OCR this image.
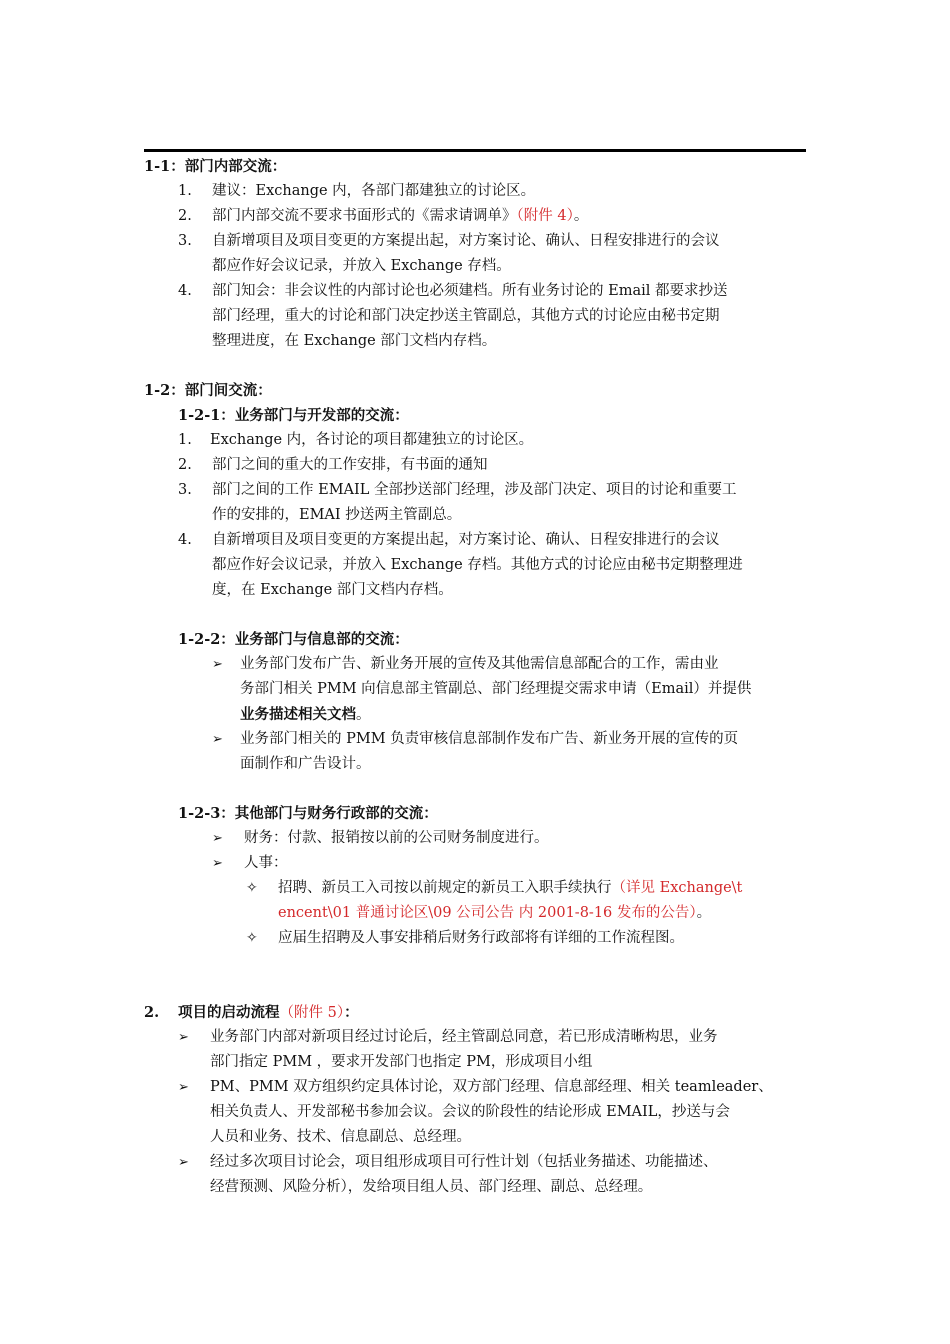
1-1：部门内部交流：
1. 建议：Exchange 内，各部门都建独立的讨论区。
2. 部门内部交流不要求书面形式的《需求请调单》（附件 4）。
3. 自新增项目及项目变更的方案提出起，对方案讨论、确认、日程安排进行的会议
都应作好会议记录，并放入 Exchange 存档。
4. 部门知会：非会议性的内部讨论也必须建档。所有业务讨论的 Email 都要求抄送
部门经理，重大的讨论和部门决定抄送主管副总，其他方式的讨论应由秘书定期
整理进度，在 Exchange 部门文档内存档。
1-2：部门间交流：
1-2-1：业务部门与开发部的交流：
1. Exchange 内，各讨论的项目都建独立的讨论区。
2. 部门之间的重大的工作安排，有书面的通知
3. 部门之间的工作 EMAIL 全部抄送部门经理，涉及部门决定、项目的讨论和重要工
作的安排的，EMAI 抄送两主管副总。
4. 自新增项目及项目变更的方案提出起，对方案讨论、确认、日程安排进行的会议
都应作好会议记录，并放入 Exchange 存档。其他方式的讨论应由秘书定期整理进
度，在 Exchange 部门文档内存档。
1-2-2：业务部门与信息部的交流：
➢ 业务部门发布广告、新业务开展的宣传及其他需信息部配合的工作，需由业
务部门相关 PMM 向信息部主管副总、部门经理提交需求申请（Email）并提供
业务描述相关文档。
➢ 业务部门相关的 PMM 负责审核信息部制作发布广告、新业务开展的宣传的页
面制作和广告设计。
1-2-3：其他部门与财务行政部的交流：
➢ 财务：付款、报销按以前的公司财务制度进行。
➢ 人事：
✧ 招聘、新员工入司按以前规定的新员工入职手续执行（详见 Exchange\t
encent\01 普通讨论区\09 公司公告 内 2001-8-16 发布的公告）。
✧ 应届生招聘及人事安排稍后财务行政部将有详细的工作流程图。
2. 项目的启动流程（附件 5）：
➢ 业务部门内部对新项目经过讨论后，经主管副总同意，若已形成清晰构思，业务
部门指定 PMM ，要求开发部门也指定 PM，形成项目小组
➢ PM、PMM 双方组织约定具体讨论，双方部门经理、信息部经理、相关 teamleader、
相关负责人、开发部秘书参加会议。会议的阶段性的结论形成 EMAIL，抄送与会
人员和业务、技术、信息副总、总经理。
➢ 经过多次项目讨论会，项目组形成项目可行性计划（包括业务描述、功能描述、
经营预测、风险分析），发给项目组人员、部门经理、副总、总经理。
